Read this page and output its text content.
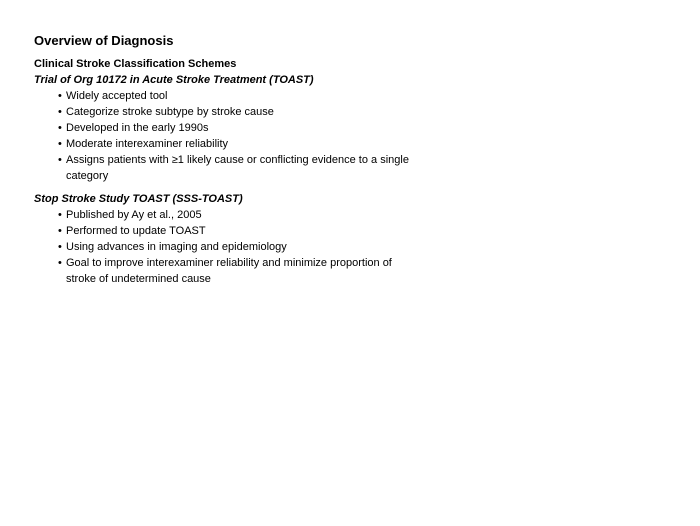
Overview of Diagnosis
Clinical Stroke Classification Schemes
Trial of Org 10172 in Acute Stroke Treatment (TOAST)
• Widely accepted tool
• Categorize stroke subtype by stroke cause
• Developed in the early 1990s
• Moderate interexaminer reliability
• Assigns patients with ≥1 likely cause or conflicting evidence to a single category
Stop Stroke Study TOAST (SSS-TOAST)
• Published by Ay et al., 2005
• Performed to update TOAST
• Using advances in imaging and epidemiology
• Goal to improve interexaminer reliability and minimize proportion of stroke of undetermined cause
